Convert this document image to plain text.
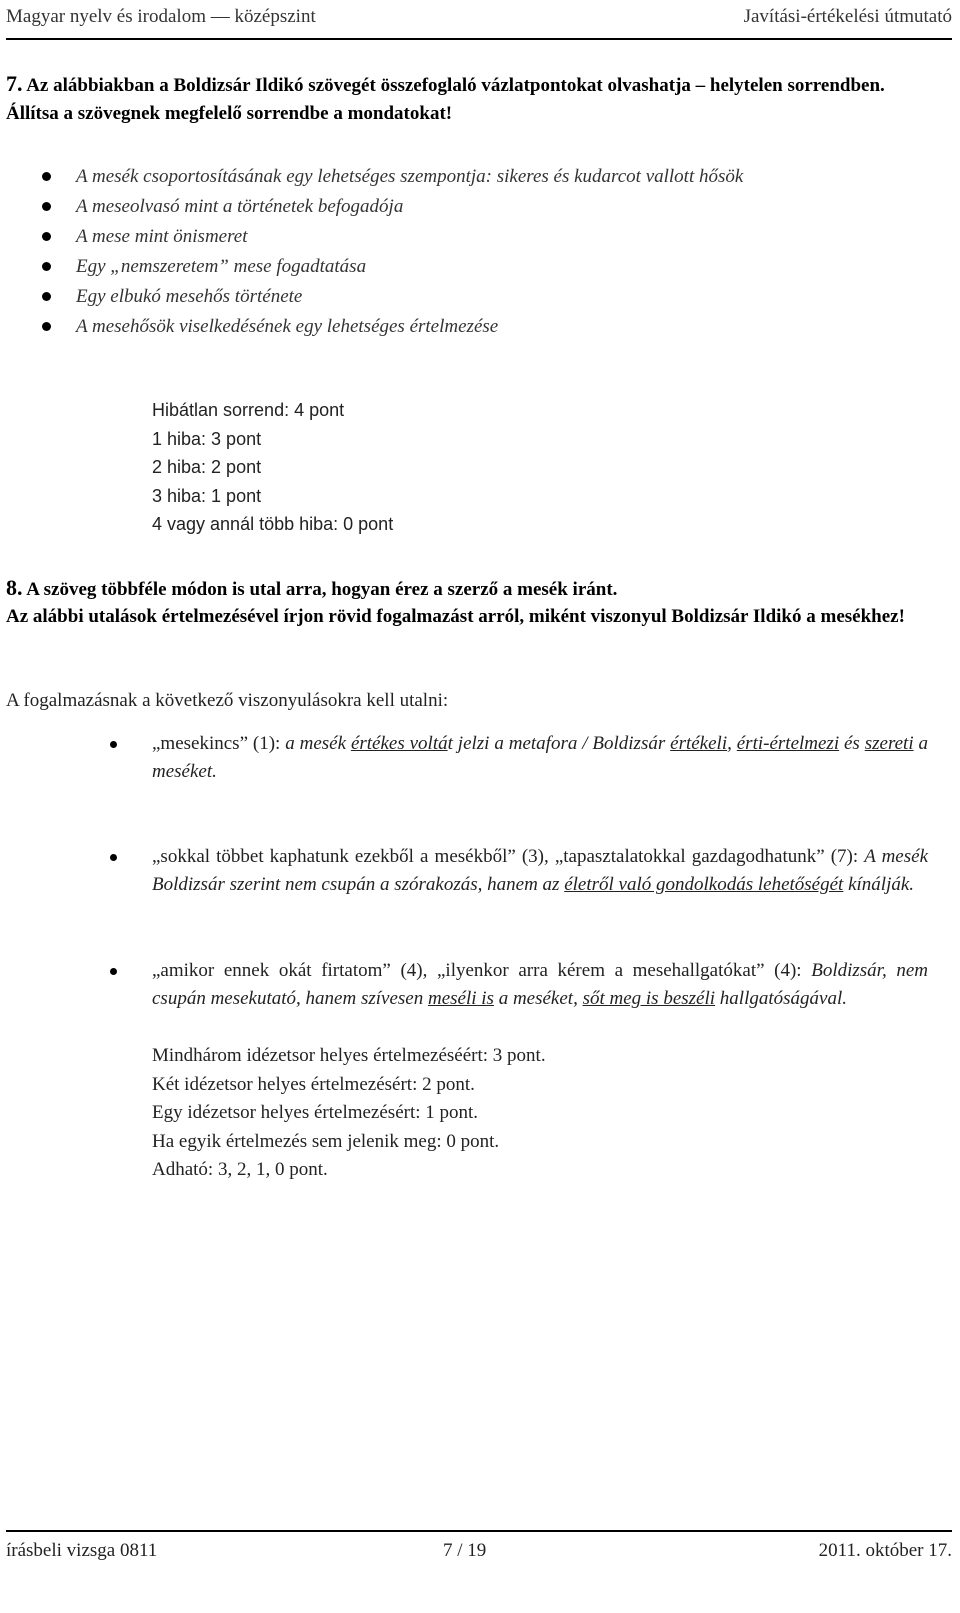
Magyar nyelv és irodalom — középszint	Javítási-értékelési útmutató
7. Az alábbiakban a Boldizsár Ildikó szövegét összefoglaló vázlatpontokat olvashatja – helytelen sorrendben. Állítsa a szövegnek megfelelő sorrendbe a mondatokat!
A mesék csoportosításának egy lehetséges szempontja: sikeres és kudarcot vallott hősök
A meseolvasó mint a történetek befogadója
A mese mint önismeret
Egy „nemszeretem” mese fogadtatása
Egy elbukó mesehős története
A mesehősök viselkedésének egy lehetséges értelmezése
Hibátlan sorrend: 4 pont
1 hiba: 3 pont
2 hiba: 2 pont
3 hiba: 1 pont
4 vagy annál több hiba: 0 pont
8. A szöveg többféle módon is utal arra, hogyan érez a szerző a mesék iránt.
Az alábbi utalások értelmezésével írjon rövid fogalmazást arról, miként viszonyul Boldizsár Ildikó a mesékhez!
A fogalmazásnak a következő viszonyulásokra kell utalni:
„mesekincs” (1): a mesék értékes voltát jelzi a metafora / Boldizsár értékeli, érti-értelmezi és szereti a meséket.
„sokkal többet kaphatunk ezekből a mesékből” (3), „tapasztalatokkal gazdagodhatunk” (7): A mesék Boldizsár szerint nem csupán a szórakozás, hanem az életről való gondolkodás lehetőségét kínálják.
„amikor ennek okát firtatom” (4), „ilyenkor arra kérem a mesehallgatókat” (4): Boldizsár, nem csupán mesekutató, hanem szívesen meséli is a meséket, sőt meg is beszéli hallgatóságával.
Mindhárom idézetsor helyes értelmezéséért: 3 pont.
Két idézetsor helyes értelmezésért: 2 pont.
Egy idézetsor helyes értelmezésért: 1 pont.
Ha egyik értelmezés sem jelenik meg: 0 pont.
Adható: 3, 2, 1, 0 pont.
írásbeli vizsga 0811	7 / 19	2011. október 17.
